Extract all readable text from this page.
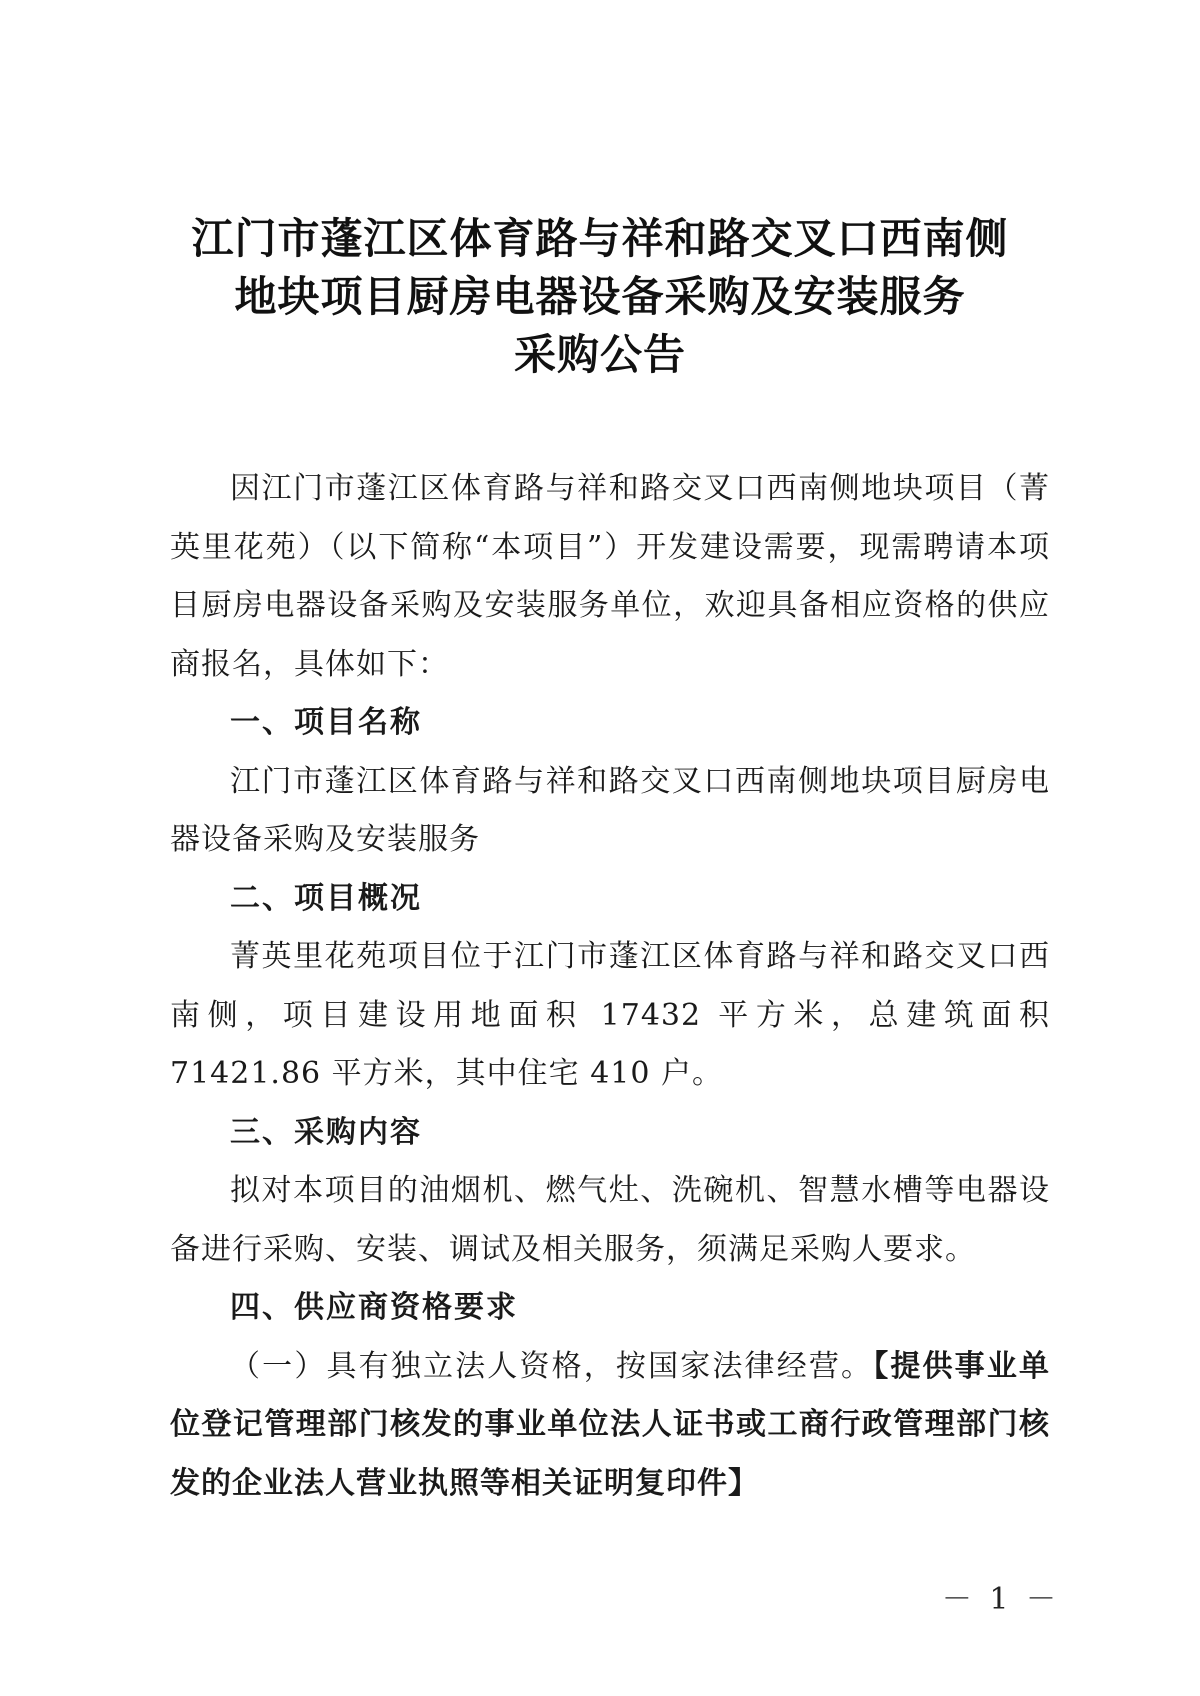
江门市蓬江区体育路与祥和路交叉口西南侧
地块项目厨房电器设备采购及安装服务
采购公告

因江门市蓬江区体育路与祥和路交叉口西南侧地块项目（菁英里花苑）（以下简称“本项目”）开发建设需要，现需聘请本项目厨房电器设备采购及安装服务单位，欢迎具备相应资格的供应商报名，具体如下：

一、项目名称

江门市蓬江区体育路与祥和路交叉口西南侧地块项目厨房电器设备采购及安装服务

二、项目概况

菁英里花苑项目位于江门市蓬江区体育路与祥和路交叉口西南侧，项目建设用地面积 17432 平方米，总建筑面积 71421.86 平方米，其中住宅 410 户。

三、采购内容

拟对本项目的油烟机、燃气灶、洗碗机、智慧水槽等电器设备进行采购、安装、调试及相关服务，须满足采购人要求。

四、供应商资格要求

（一）具有独立法人资格，按国家法律经营。【提供事业单位登记管理部门核发的事业单位法人证书或工商行政管理部门核发的企业法人营业执照等相关证明复印件】

－ 1 －
